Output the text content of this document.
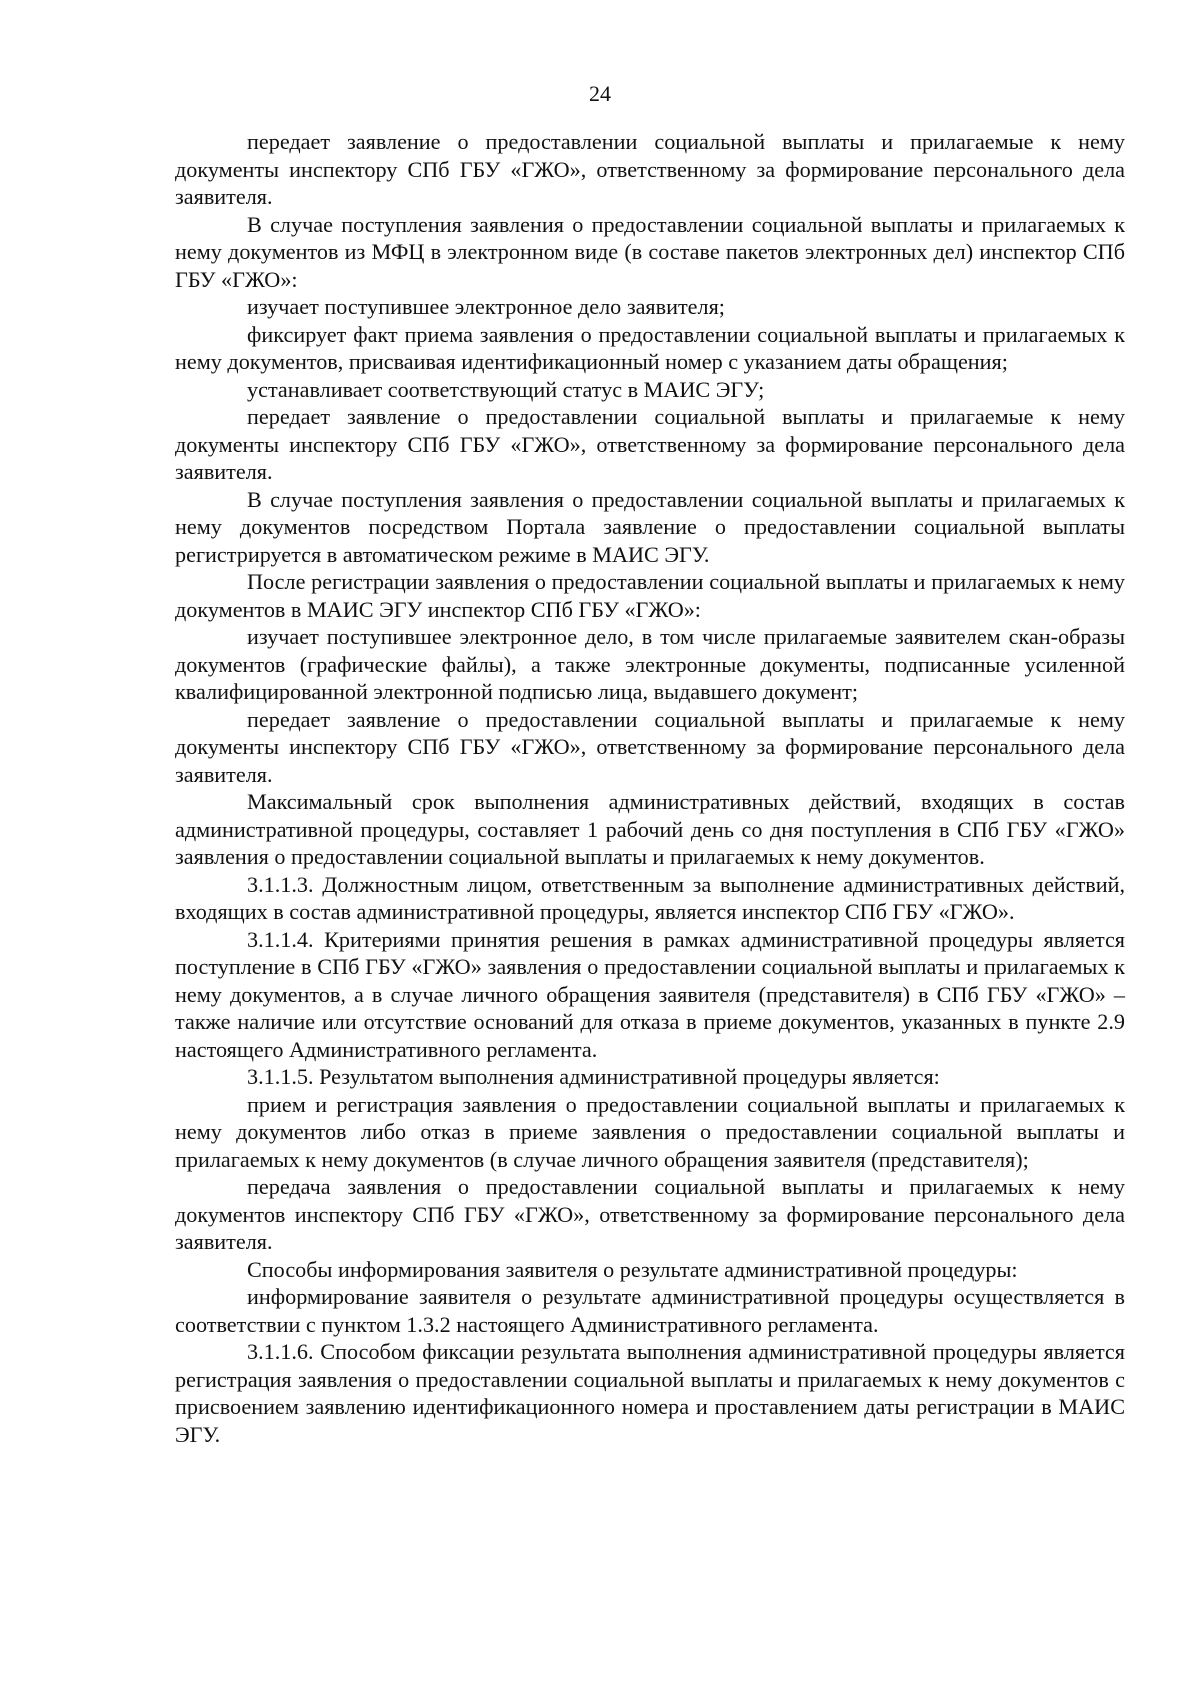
24

передает заявление о предоставлении социальной выплаты и прилагаемые к нему документы инспектору СПб ГБУ «ГЖО», ответственному за формирование персонального дела заявителя.

В случае поступления заявления о предоставлении социальной выплаты и прилагаемых к нему документов из МФЦ в электронном виде (в составе пакетов электронных дел) инспектор СПб ГБУ «ГЖО»:

изучает поступившее электронное дело заявителя;

фиксирует факт приема заявления о предоставлении социальной выплаты и прилагаемых к нему документов, присваивая идентификационный номер с указанием даты обращения;

устанавливает соответствующий статус в МАИС ЭГУ;

передает заявление о предоставлении социальной выплаты и прилагаемые к нему документы инспектору СПб ГБУ «ГЖО», ответственному за формирование персонального дела заявителя.

В случае поступления заявления о предоставлении социальной выплаты и прилагаемых к нему документов посредством Портала заявление о предоставлении социальной выплаты регистрируется в автоматическом режиме в МАИС ЭГУ.

После регистрации заявления о предоставлении социальной выплаты и прилагаемых к нему документов в МАИС ЭГУ инспектор СПб ГБУ «ГЖО»:

изучает поступившее электронное дело, в том числе прилагаемые заявителем скан-образы документов (графические файлы), а также электронные документы, подписанные усиленной квалифицированной электронной подписью лица, выдавшего документ;

передает заявление о предоставлении социальной выплаты и прилагаемые к нему документы инспектору СПб ГБУ «ГЖО», ответственному за формирование персонального дела заявителя.

Максимальный срок выполнения административных действий, входящих в состав административной процедуры, составляет 1 рабочий день со дня поступления в СПб ГБУ «ГЖО» заявления о предоставлении социальной выплаты и прилагаемых к нему документов.

3.1.1.3. Должностным лицом, ответственным за выполнение административных действий, входящих в состав административной процедуры, является инспектор СПб ГБУ «ГЖО».

3.1.1.4. Критериями принятия решения в рамках административной процедуры является поступление в СПб ГБУ «ГЖО» заявления о предоставлении социальной выплаты и прилагаемых к нему документов, а в случае личного обращения заявителя (представителя) в СПб ГБУ «ГЖО» – также наличие или отсутствие оснований для отказа в приеме документов, указанных в пункте 2.9 настоящего Административного регламента.

3.1.1.5. Результатом выполнения административной процедуры является:

прием и регистрация заявления о предоставлении социальной выплаты и прилагаемых к нему документов либо отказ в приеме заявления о предоставлении социальной выплаты и прилагаемых к нему документов (в случае личного обращения заявителя (представителя);

передача заявления о предоставлении социальной выплаты и прилагаемых к нему документов инспектору СПб ГБУ «ГЖО», ответственному за формирование персонального дела заявителя.

Способы информирования заявителя о результате административной процедуры:

информирование заявителя о результате административной процедуры осуществляется в соответствии с пунктом 1.3.2 настоящего Административного регламента.

3.1.1.6. Способом фиксации результата выполнения административной процедуры является регистрация заявления о предоставлении социальной выплаты и прилагаемых к нему документов с присвоением заявлению идентификационного номера и проставлением даты регистрации в МАИС ЭГУ.
